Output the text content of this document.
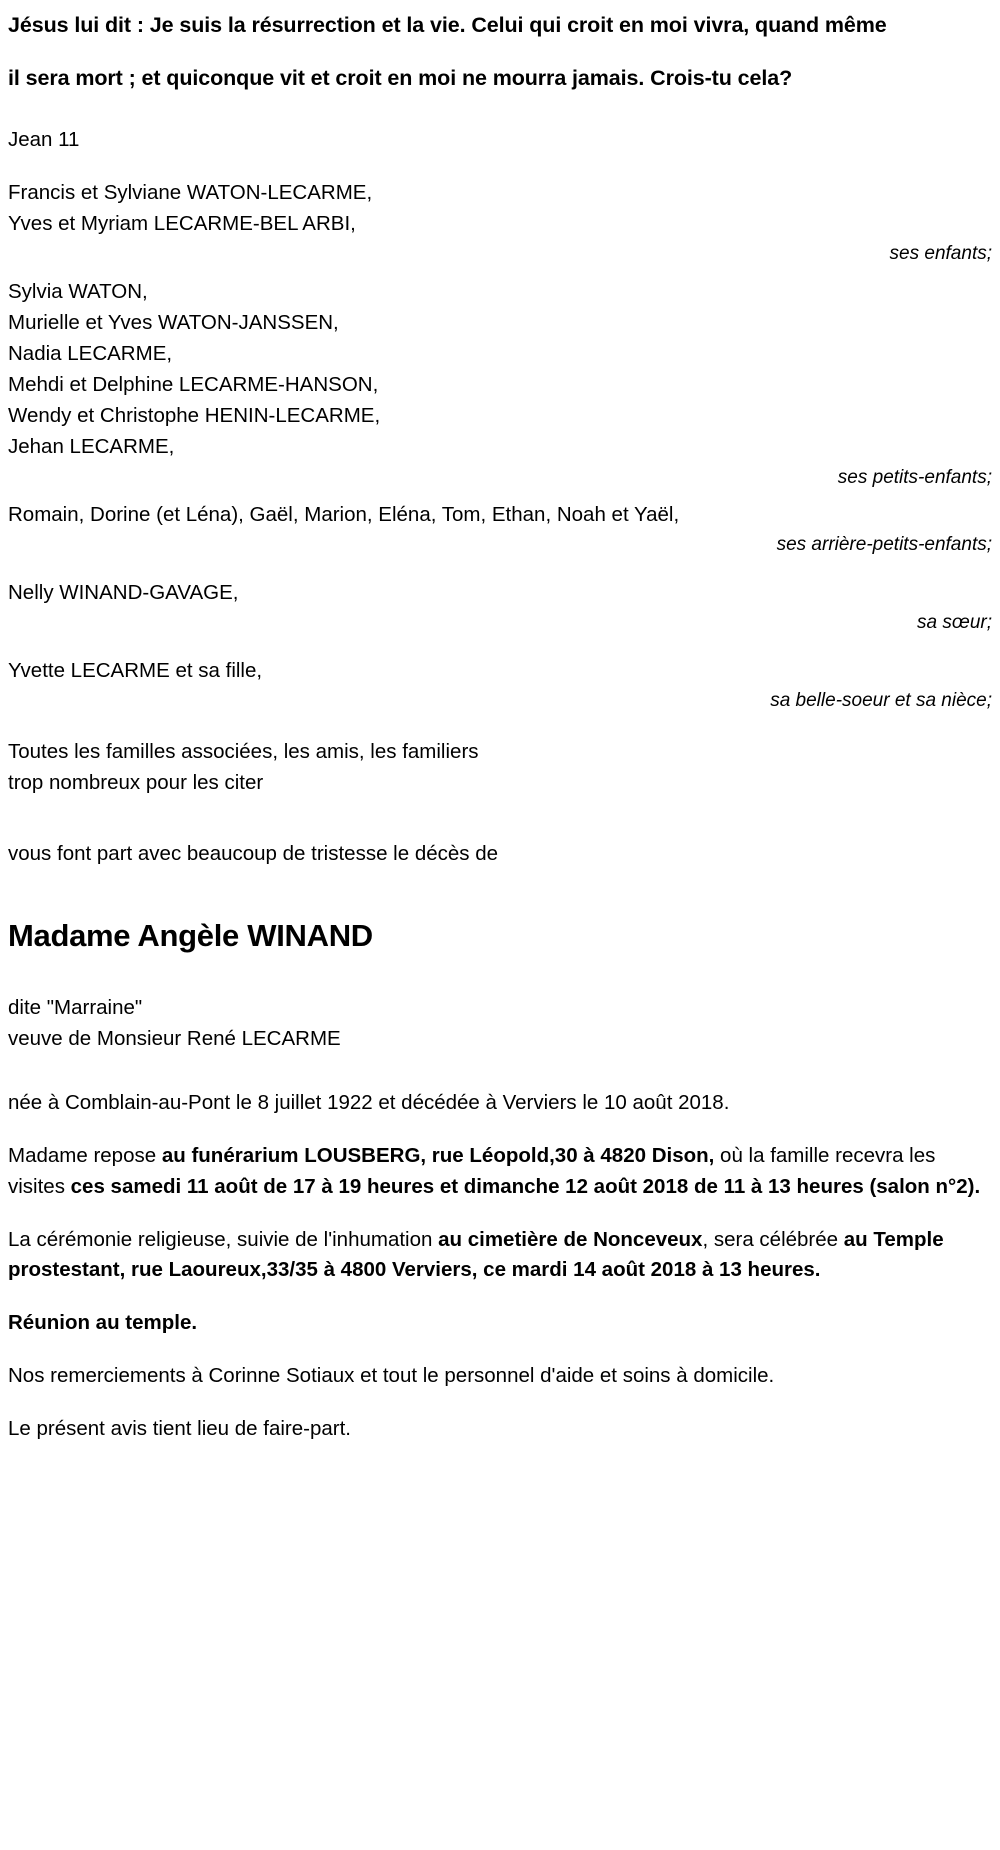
Jésus lui dit : Je suis la résurrection et la vie. Celui qui croit en moi vivra, quand même

il sera mort ; et quiconque vit et croit en moi ne mourra jamais. Crois-tu cela?

Jean 11
Francis et Sylviane WATON-LECARME,
Yves et Myriam LECARME-BEL ARBI,
ses enfants;
Sylvia WATON,
Murielle et Yves WATON-JANSSEN,
Nadia LECARME,
Mehdi et Delphine LECARME-HANSON,
Wendy et Christophe HENIN-LECARME,
Jehan LECARME,
ses petits-enfants;
Romain, Dorine (et Léna), Gaël, Marion, Eléna, Tom, Ethan, Noah et Yaël,
ses arrière-petits-enfants;
Nelly WINAND-GAVAGE,
sa sœur;
Yvette LECARME et sa fille,
sa belle-soeur et sa nièce;
Toutes les familles associées, les amis, les familiers
trop nombreux pour les citer
vous font part avec beaucoup de tristesse le décès de
Madame Angèle WINAND
dite "Marraine"
veuve de Monsieur René LECARME
née à Comblain-au-Pont le 8 juillet 1922 et décédée à Verviers le 10 août 2018.

Madame repose au funérarium LOUSBERG, rue Léopold,30 à 4820 Dison, où la famille recevra les visites ces samedi 11 août de 17 à 19 heures et dimanche 12 août 2018 de 11 à 13 heures (salon n°2).

La cérémonie religieuse, suivie de l'inhumation au cimetière de Nonceveux, sera célébrée au Temple prostestant, rue Laoureux,33/35 à 4800 Verviers, ce mardi 14 août 2018 à 13 heures.

Réunion au temple.
Nos remerciements à Corinne Sotiaux et tout le personnel d'aide et soins à domicile.
Le présent avis tient lieu de faire-part.
